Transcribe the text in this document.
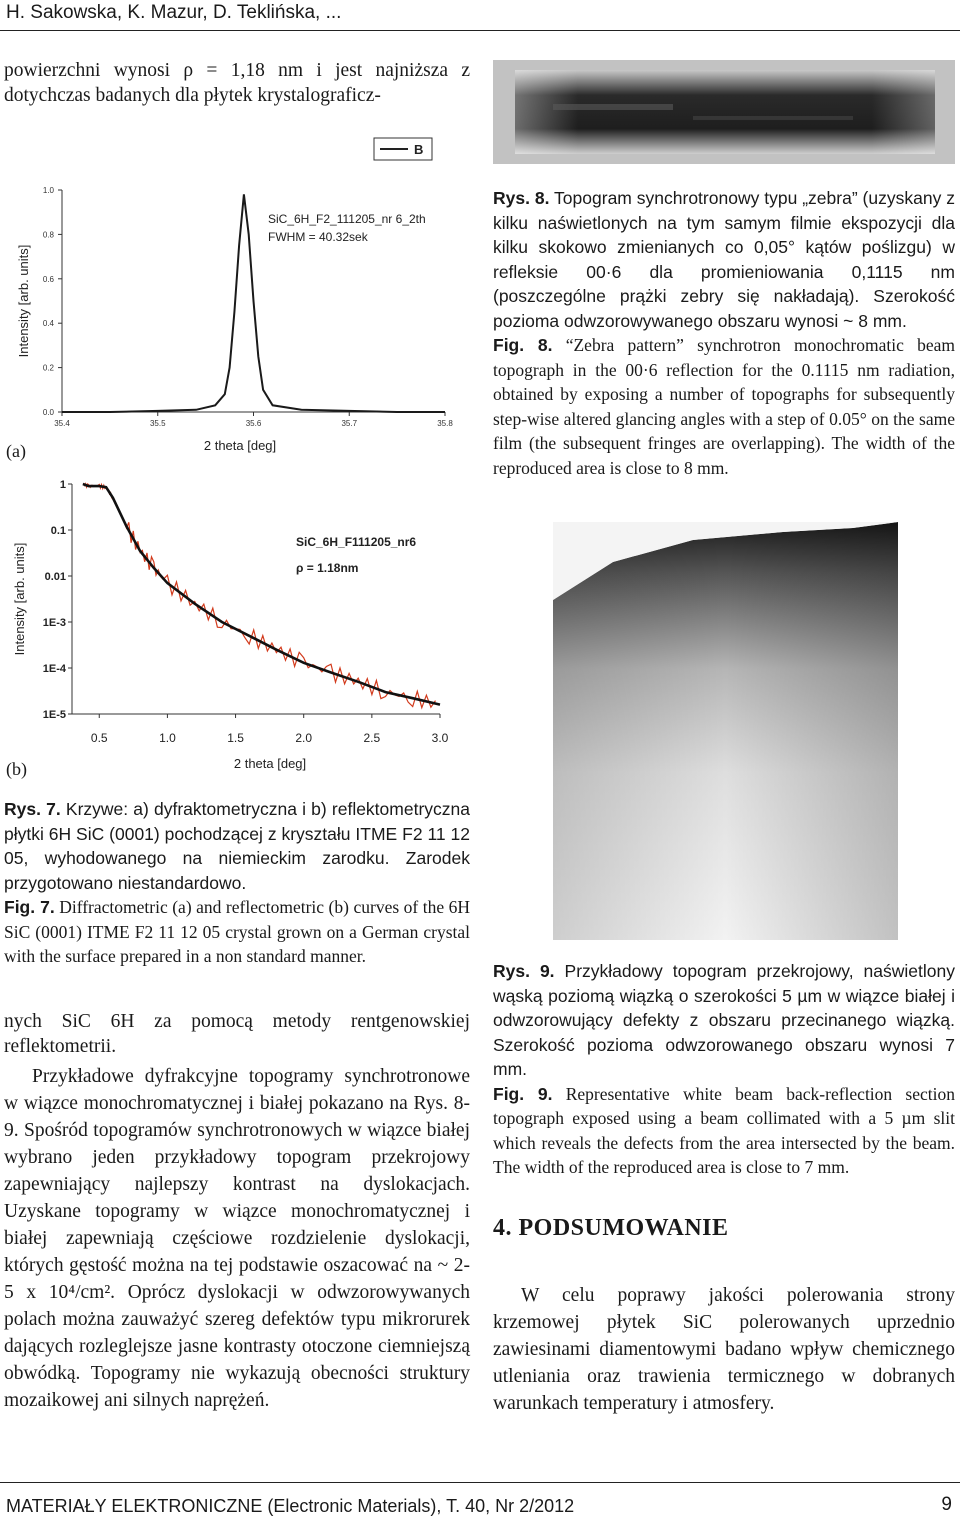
H. Sakowska, K. Mazur, D. Teklińska, ...
powierzchni wynosi ρ = 1,18 nm i jest najniższa z dotychczas badanych dla płytek krystalograficz-
0.0
0.2
0.4
0.6
0.8
1.0
35.4	35.5	35.6	35.7	35.8
2 theta [deg]
Intensity [arb. units]
B
SiC_6H_F2_111205_nr 6_2th
FWHM = 40.32sek
(a)
1
0.1
0.01
1E-3
1E-4
1E-5
0.5	1.0	1.5	2.0	2.5	3.0
2 theta [deg]
Intensity [arb. units]
SiC_6H_F111205_nr6
ρ = 1.18nm
(b)
Rys. 7. Krzywe: a) dyfraktometryczna i b) reflektometryczna płytki 6H SiC (0001) pochodzącej z kryształu ITME F2 11 12 05, wyhodowanego na niemieckim zarodku. Zarodek przygotowano niestandardowo.
Fig. 7. Diffractometric (a) and reflectometric (b) curves of the 6H SiC (0001) ITME F2 11 12 05 crystal grown on a German crystal with the surface prepared in a non standard manner.
nych SiC 6H za pomocą metody rentgenowskiej reflektometrii.
Przykładowe dyfrakcyjne topogramy synchrotronowe w wiązce monochromatycznej i białej pokazano na Rys. 8-9. Spośród topogramów synchrotronowych w wiązce białej wybrano jeden przykładowy topogram przekrojowy zapewniający najlepszy kontrast na dyslokacjach. Uzyskane topogramy w wiązce monochromatycznej i białej zapewniają częściowe rozdzielenie dyslokacji, których gęstość można na tej podstawie oszacować na ~ 2-5 x 10⁴/cm². Oprócz dyslokacji w odwzorowywanych polach można zauważyć szereg defektów typu mikrorurek dających rozleglejsze jasne kontrasty otoczone ciemniejszą obwódką. Topogramy nie wykazują obecności struktury mozaikowej ani silnych naprężeń.
Rys. 8. Topogram synchrotronowy typu „zebra” (uzyskany z kilku naświetlonych na tym samym filmie ekspozycji dla kilku skokowo zmienianych co 0,05° kątów poślizgu) w refleksie 00·6 dla promieniowania 0,1115 nm (poszczególne prążki zebry się nakładają). Szerokość pozioma odwzorowywanego obszaru wynosi ~ 8 mm.
Fig. 8. “Zebra pattern” synchrotron monochromatic beam topograph in the 00·6 reflection for the 0.1115 nm radiation, obtained by exposing a number of topographs for subsequently step-wise altered glancing angles with a step of 0.05° on the same film (the subsequent fringes are overlapping). The width of the reproduced area is close to 8 mm.
Rys. 9. Przykładowy topogram przekrojowy, naświetlony wąską poziomą wiązką o szerokości 5 µm w wiązce białej i odwzorowujący defekty z obszaru przecinanego wiązką. Szerokość pozioma odwzorowanego obszaru wynosi 7 mm.
Fig. 9. Representative white beam back-reflection section topograph exposed using a beam collimated with a 5 µm slit which reveals the defects from the area intersected by the beam. The width of the reproduced area is close to 7 mm.
4. PODSUMOWANIE
W celu poprawy jakości polerowania strony krzemowej płytek SiC polerowanych uprzednio zawiesinami diamentowymi badano wpływ chemicznego utleniania oraz trawienia termicznego w dobranych warunkach temperatury i atmosfery.
MATERIAŁY ELEKTRONICZNE (Electronic Materials), T. 40, Nr 2/2012	9
